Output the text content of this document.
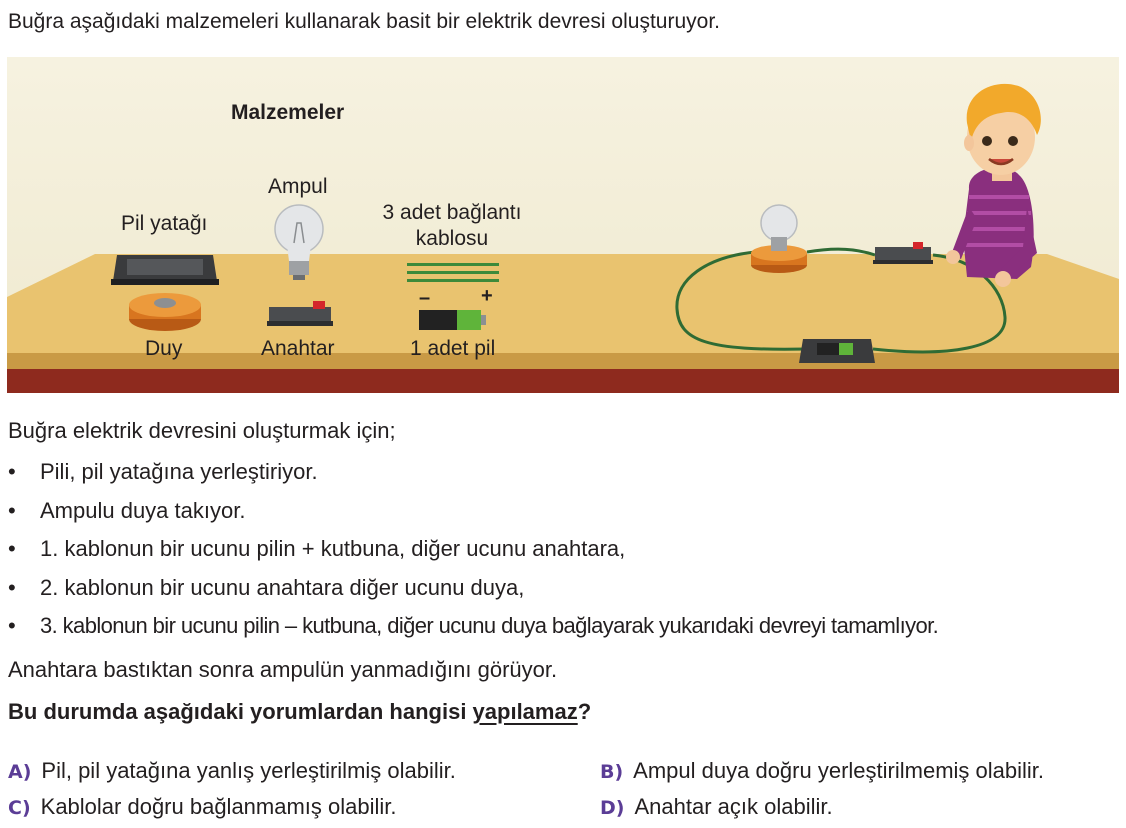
Buğra aşağıdaki malzemeleri kullanarak basit bir elektrik devresi oluşturuyor.
Malzemeler
Pil yatağı
Ampul
3 adet bağlantı
kablosu
–	+
Duy	Anahtar	1 adet pil
Buğra elektrik devresini oluşturmak için;
• Pili, pil yatağına yerleştiriyor.
• Ampulu duya takıyor.
• 1. kablonun bir ucunu pilin + kutbuna, diğer ucunu anahtara,
• 2. kablonun bir ucunu anahtara diğer ucunu duya,
• 3. kablonun bir ucunu pilin – kutbuna, diğer ucunu duya bağlayarak yukarıdaki devreyi tamamlıyor.
Anahtara bastıktan sonra ampulün yanmadığını görüyor.
Bu durumda aşağıdaki yorumlardan hangisi yapılamaz?
A) Pil, pil yatağına yanlış yerleştirilmiş olabilir.	B) Ampul duya doğru yerleştirilmemiş olabilir.
C) Kablolar doğru bağlanmamış olabilir.	D) Anahtar açık olabilir.
